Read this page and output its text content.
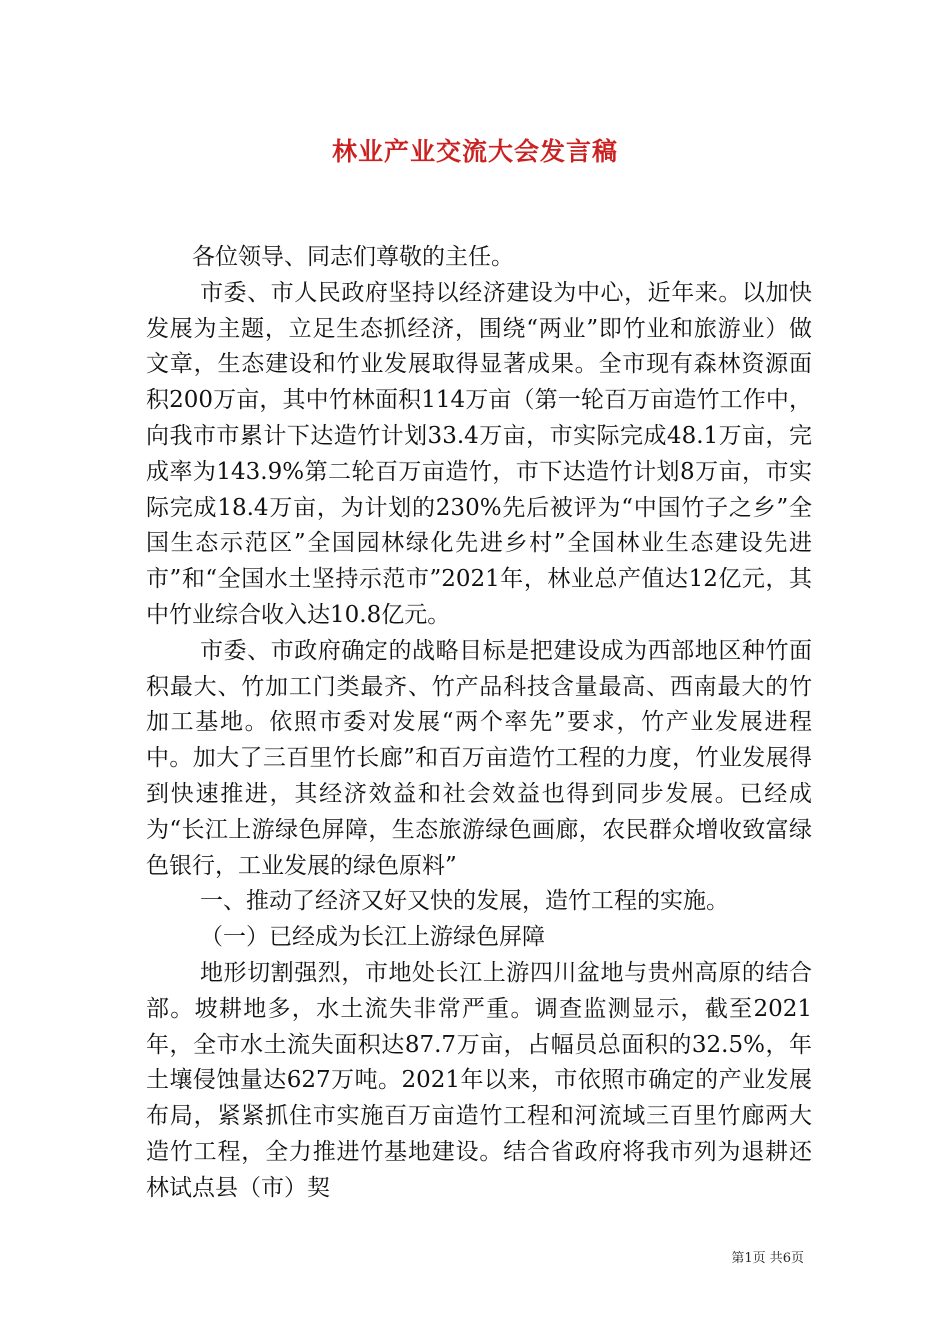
林业产业交流大会发言稿

各位领导、同志们尊敬的主任。

市委、市人民政府坚持以经济建设为中心，近年来。以加快发展为主题，立足生态抓经济，围绕“两业”即竹业和旅游业）做文章，生态建设和竹业发展取得显著成果。全市现有森林资源面积200万亩，其中竹林面积114万亩（第一轮百万亩造竹工作中，向我市市累计下达造竹计划33.4万亩，市实际完成48.1万亩，完成率为143.9%第二轮百万亩造竹，市下达造竹计划8万亩，市实际完成18.4万亩，为计划的230%先后被评为“中国竹子之乡”全国生态示范区”全国园林绿化先进乡村”全国林业生态建设先进市”和“全国水土坚持示范市”2021年，林业总产值达12亿元，其中竹业综合收入达10.8亿元。

市委、市政府确定的战略目标是把建设成为西部地区种竹面积最大、竹加工门类最齐、竹产品科技含量最高、西南最大的竹加工基地。依照市委对发展“两个率先”要求，竹产业发展进程中。加大了三百里竹长廊”和百万亩造竹工程的力度，竹业发展得到快速推进，其经济效益和社会效益也得到同步发展。已经成为“长江上游绿色屏障，生态旅游绿色画廊，农民群众增收致富绿色银行，工业发展的绿色原料”

一、推动了经济又好又快的发展，造竹工程的实施。

（一）已经成为长江上游绿色屏障

地形切割强烈，市地处长江上游四川盆地与贵州高原的结合部。坡耕地多，水土流失非常严重。调查监测显示，截至2021年，全市水土流失面积达87.7万亩，占幅员总面积的32.5%，年土壤侵蚀量达627万吨。2021年以来，市依照市确定的产业发展布局，紧紧抓住市实施百万亩造竹工程和河流域三百里竹廊两大造竹工程，全力推进竹基地建设。结合省政府将我市列为退耕还林试点县（市）契

第1页 共6页
